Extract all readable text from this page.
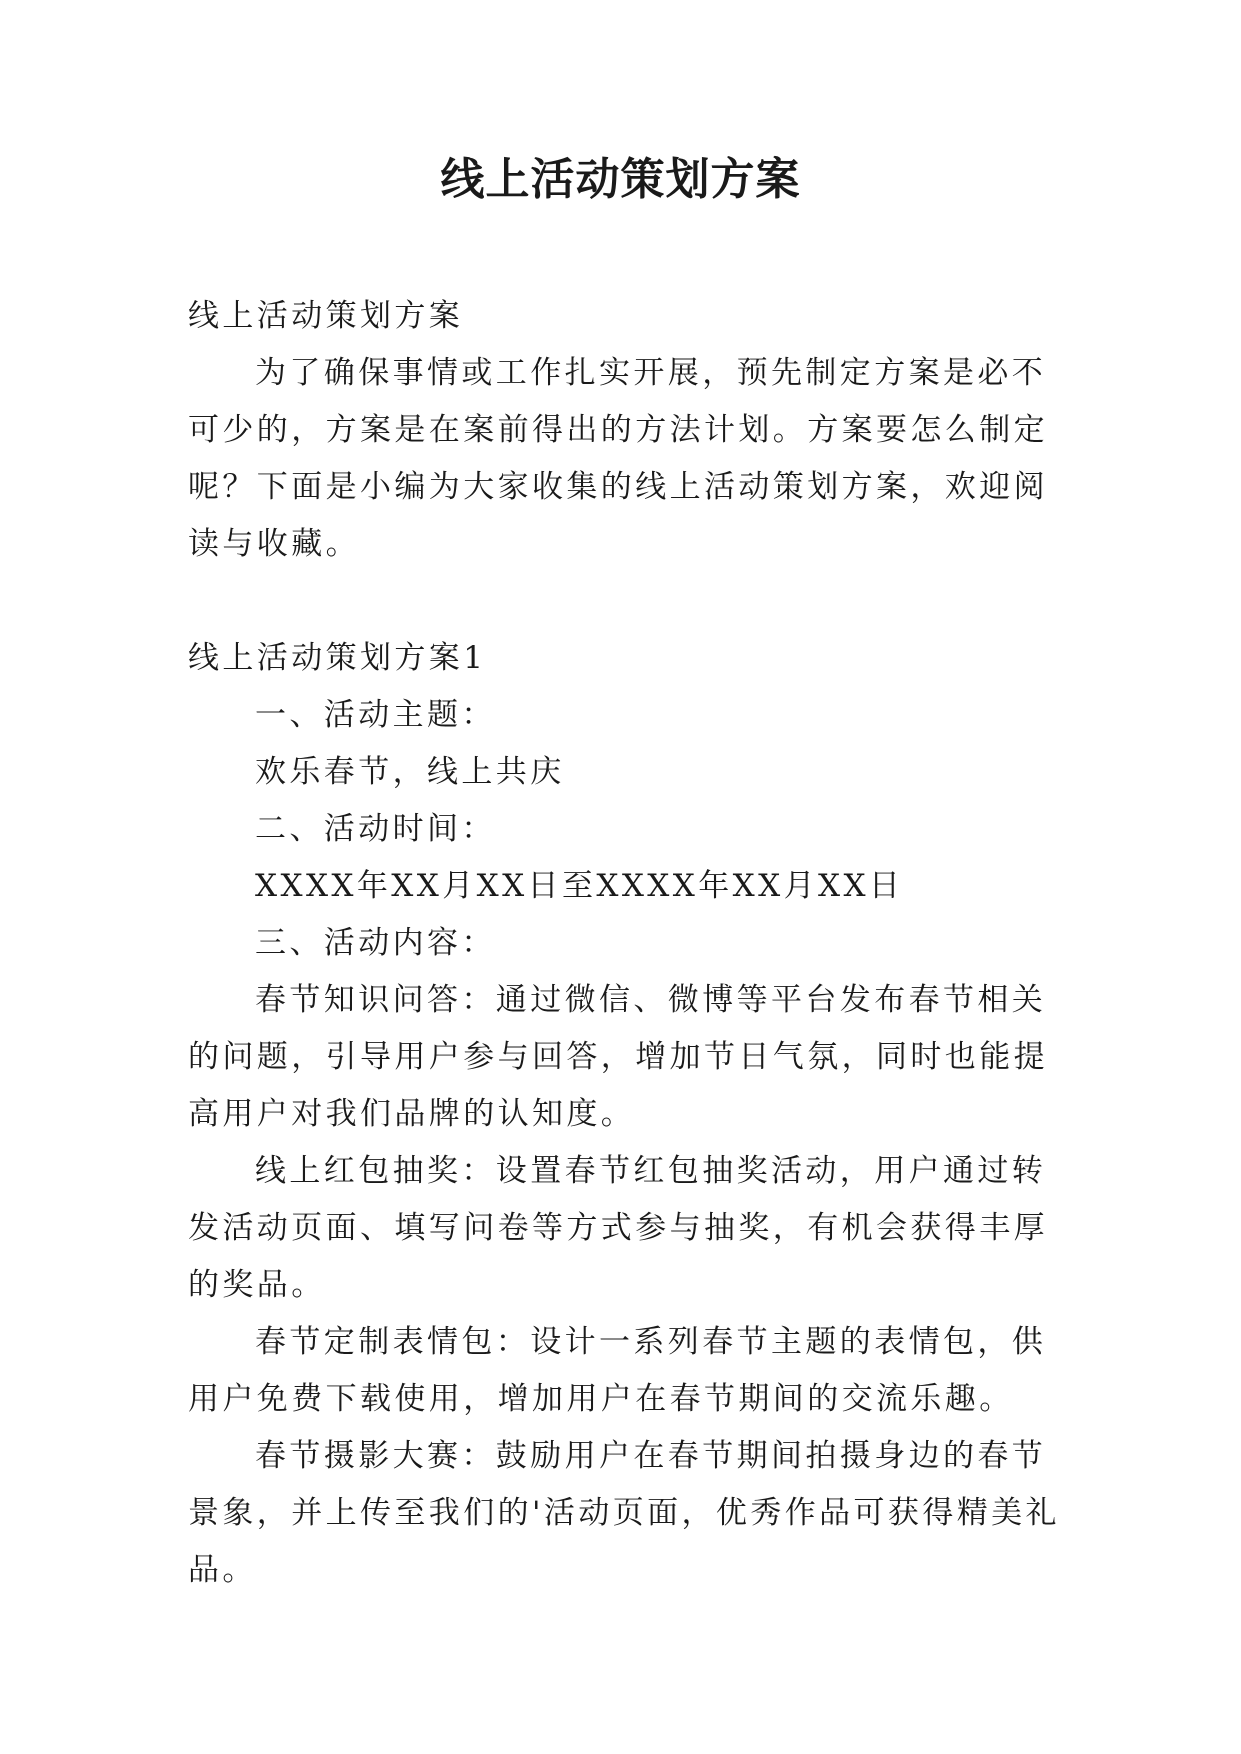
线上活动策划方案

线上活动策划方案

为了确保事情或工作扎实开展，预先制定方案是必不可少的，方案是在案前得出的方法计划。方案要怎么制定呢？下面是小编为大家收集的线上活动策划方案，欢迎阅读与收藏。

线上活动策划方案1

一、活动主题：

欢乐春节，线上共庆

二、活动时间：

XXXX年XX月XX日至XXXX年XX月XX日

三、活动内容：

春节知识问答：通过微信、微博等平台发布春节相关的问题，引导用户参与回答，增加节日气氛，同时也能提高用户对我们品牌的认知度。

线上红包抽奖：设置春节红包抽奖活动，用户通过转发活动页面、填写问卷等方式参与抽奖，有机会获得丰厚的奖品。

春节定制表情包：设计一系列春节主题的表情包，供用户免费下载使用，增加用户在春节期间的交流乐趣。

春节摄影大赛：鼓励用户在春节期间拍摄身边的春节景象，并上传至我们的'活动页面，优秀作品可获得精美礼品。
